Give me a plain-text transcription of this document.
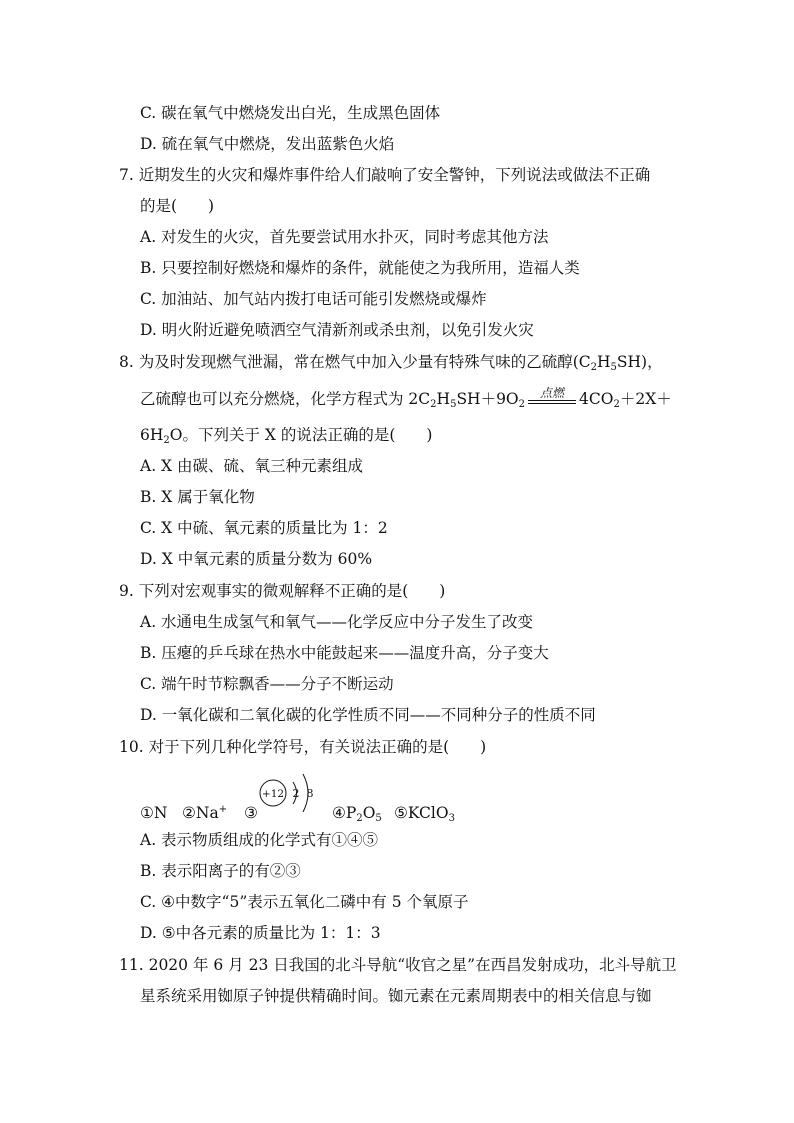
C. 碳在氧气中燃烧发出白光，生成黑色固体
D. 硫在氧气中燃烧，发出蓝紫色火焰
7. 近期发生的火灾和爆炸事件给人们敲响了安全警钟，下列说法或做法不正确
的是(　　)
A. 对发生的火灾，首先要尝试用水扑灭，同时考虑其他方法
B. 只要控制好燃烧和爆炸的条件，就能使之为我所用，造福人类
C. 加油站、加气站内拨打电话可能引发燃烧或爆炸
D. 明火附近避免喷洒空气清新剂或杀虫剂，以免引发火灾
8. 为及时发现燃气泄漏，常在燃气中加入少量有特殊气味的乙硫醇$(C_2H_5SH)$，
乙硫醇也可以充分燃烧，化学方程式为 $2C_2H_5SH+9O_2$
点燃 $4CO_2+2X+$
$6H_2O$。下列关于 X 的说法正确的是(　　)
A. X 由碳、硫、氧三种元素组成
B. X 属于氧化物
C. X 中硫、氧元素的质量比为 1：2
D. X 中氧元素的质量分数为 60%
9. 下列对宏观事实的微观解释不正确的是(　　)
A. 水通电生成氢气和氧气——化学反应中分子发生了改变
B. 压瘪的乒乓球在热水中能鼓起来——温度升高，分子变大
C. 端午时节粽飘香——分子不断运动
D. 一氧化碳和二氧化碳的化学性质不同——不同种分子的性质不同
10. 对于下列几种化学符号，有关说法正确的是(　　)
①N ②Na+ ③
+12 2 8
$④P_2O_5$ ⑤KClO$_3$
A. 表示物质组成的化学式有①④⑤
B. 表示阳离子的有②③
C. ④中数字“5”表示五氧化二磷中有 5 个氧原子
D. ⑤中各元素的质量比为 1：1：3
11. 2020 年 6 月 23 日我国的北斗导航“收官之星”在西昌发射成功，北斗导航卫
星系统采用铷原子钟提供精确时间。铷元素在元素周期表中的相关信息与铷
